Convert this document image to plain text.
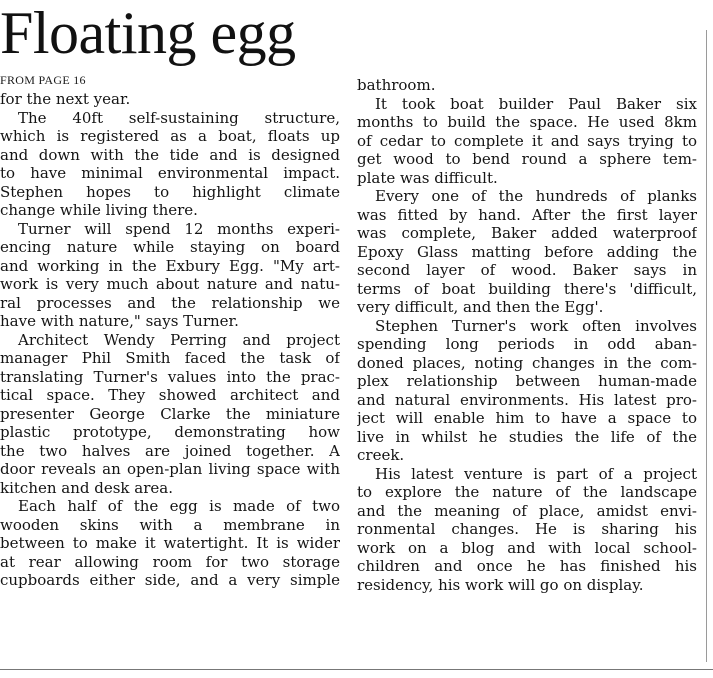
Floating egg
FROM PAGE 16
for the next year.
The 40ft self-sustaining structure,
which is registered as a boat, floats up
and down with the tide and is designed
to have minimal environmental impact.
Stephen hopes to highlight climate
change while living there.
Turner will spend 12 months experi-
encing nature while staying on board
and working in the Exbury Egg. "My art-
work is very much about nature and natu-
ral processes and the relationship we
have with nature," says Turner.
Architect Wendy Perring and project
manager Phil Smith faced the task of
translating Turner's values into the prac-
tical space. They showed architect and
presenter George Clarke the miniature
plastic prototype, demonstrating how
the two halves are joined together. A
door reveals an open-plan living space with
kitchen and desk area.
Each half of the egg is made of two
wooden skins with a membrane in
between to make it watertight. It is wider
at rear allowing room for two storage
cupboards either side, and a very simple
bathroom.
It took boat builder Paul Baker six
months to build the space. He used 8km
of cedar to complete it and says trying to
get wood to bend round a sphere tem-
plate was difficult.
Every one of the hundreds of planks
was fitted by hand. After the first layer
was complete, Baker added waterproof
Epoxy Glass matting before adding the
second layer of wood. Baker says in
terms of boat building there's 'difficult,
very difficult, and then the Egg'.
Stephen Turner's work often involves
spending long periods in odd aban-
doned places, noting changes in the com-
plex relationship between human-made
and natural environments. His latest pro-
ject will enable him to have a space to
live in whilst he studies the life of the
creek.
His latest venture is part of a project
to explore the nature of the landscape
and the meaning of place, amidst envi-
ronmental changes. He is sharing his
work on a blog and with local school-
children and once he has finished his
residency, his work will go on display.
